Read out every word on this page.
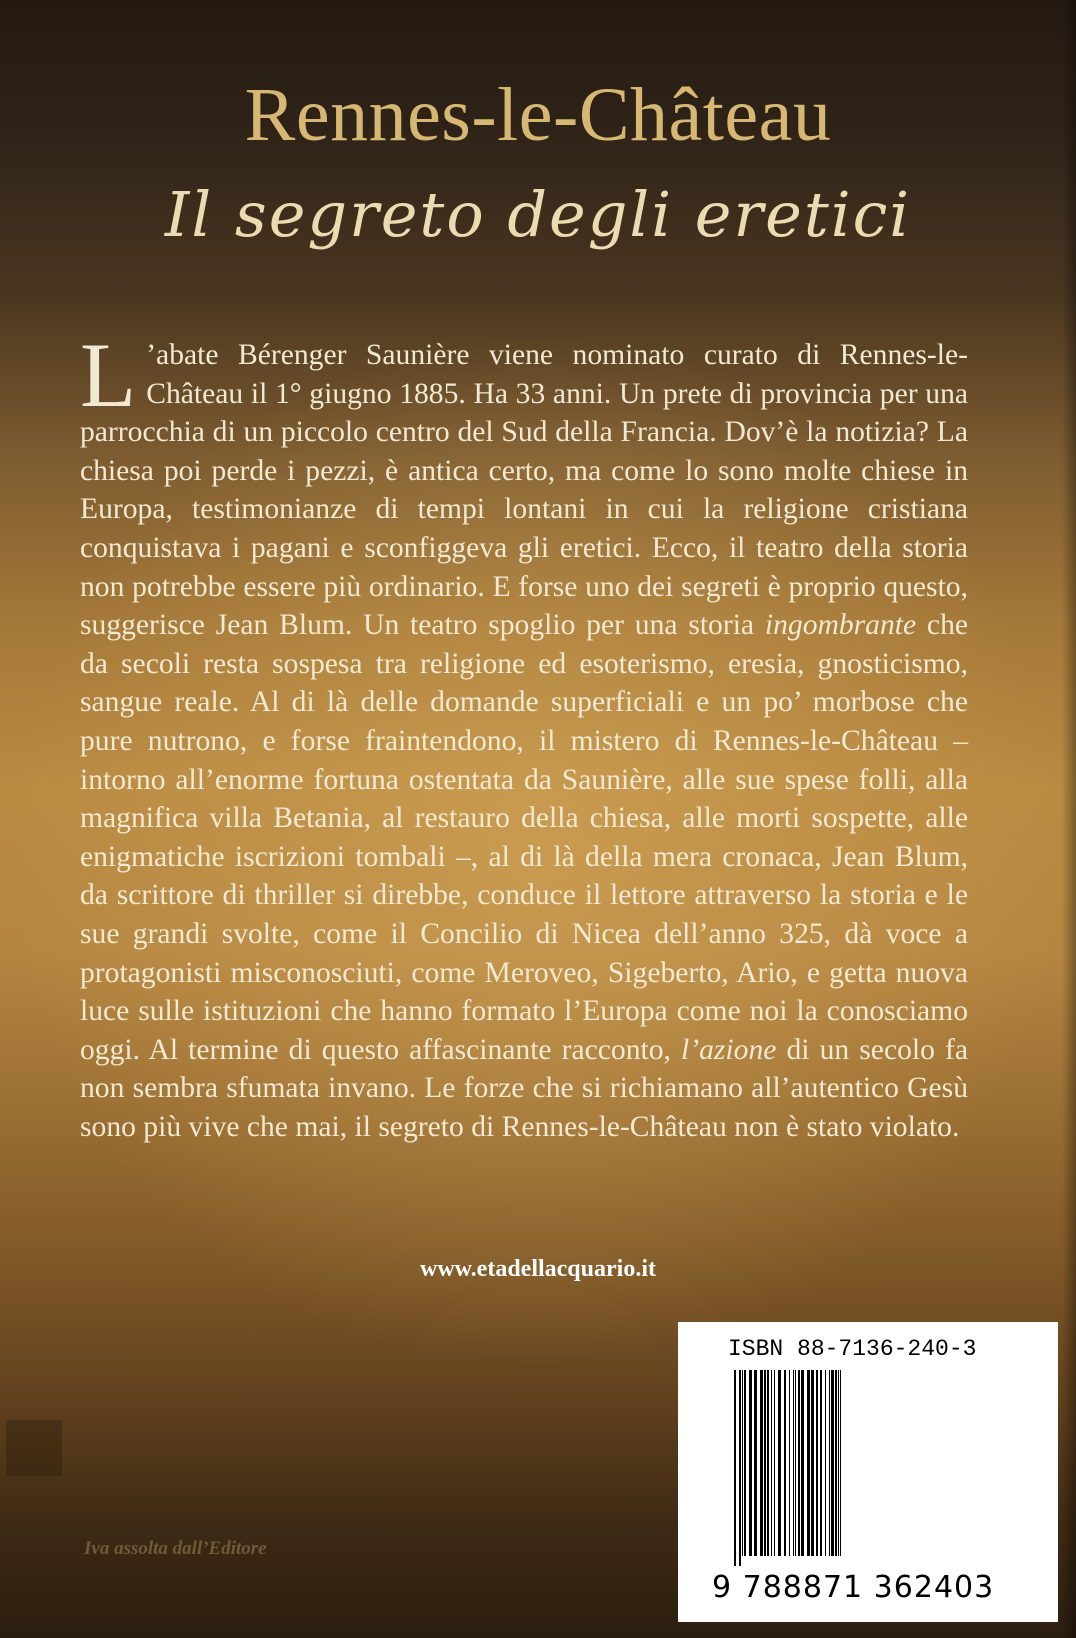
Rennes-le-Château
Il segreto degli eretici

L ’abate Bérenger Saunière viene nominato curato di Rennes-le-Château il 1° giugno 1885. Ha 33 anni. Un prete di provincia per una parrocchia di un piccolo centro del Sud della Francia. Dov’è la notizia? La chiesa poi perde i pezzi, è antica certo, ma come lo sono molte chiese in Europa, testimonianze di tempi lontani in cui la religione cristiana conquistava i pagani e sconfiggeva gli eretici. Ecco, il teatro della storia non potrebbe essere più ordinario. E forse uno dei segreti è proprio questo, suggerisce Jean Blum. Un teatro spoglio per una storia ingombrante che da secoli resta sospesa tra religione ed esoterismo, eresia, gnosticismo, sangue reale. Al di là delle domande superficiali e un po’ morbose che pure nutrono, e forse fraintendono, il mistero di Rennes-le-Château – intorno all’enorme fortuna ostentata da Saunière, alle sue spese folli, alla magnifica villa Betania, al restauro della chiesa, alle morti sospette, alle enigmatiche iscrizioni tombali –, al di là della mera cronaca, Jean Blum, da scrittore di thriller si direbbe, conduce il lettore attraverso la storia e le sue grandi svolte, come il Concilio di Nicea dell’anno 325, dà voce a protagonisti misconosciuti, come Meroveo, Sigeberto, Ario, e getta nuova luce sulle istituzioni che hanno formato l’Europa come noi la conosciamo oggi. Al termine di questo affascinante racconto, l’azione di un secolo fa non sembra sfumata invano. Le forze che si richiamano all’autentico Gesù sono più vive che mai, il segreto di Rennes-le-Château non è stato violato.

www.etadellacquario.it
ISBN 88-7136-240-3
9 788871 362403
Iva assolta dall’Editore
